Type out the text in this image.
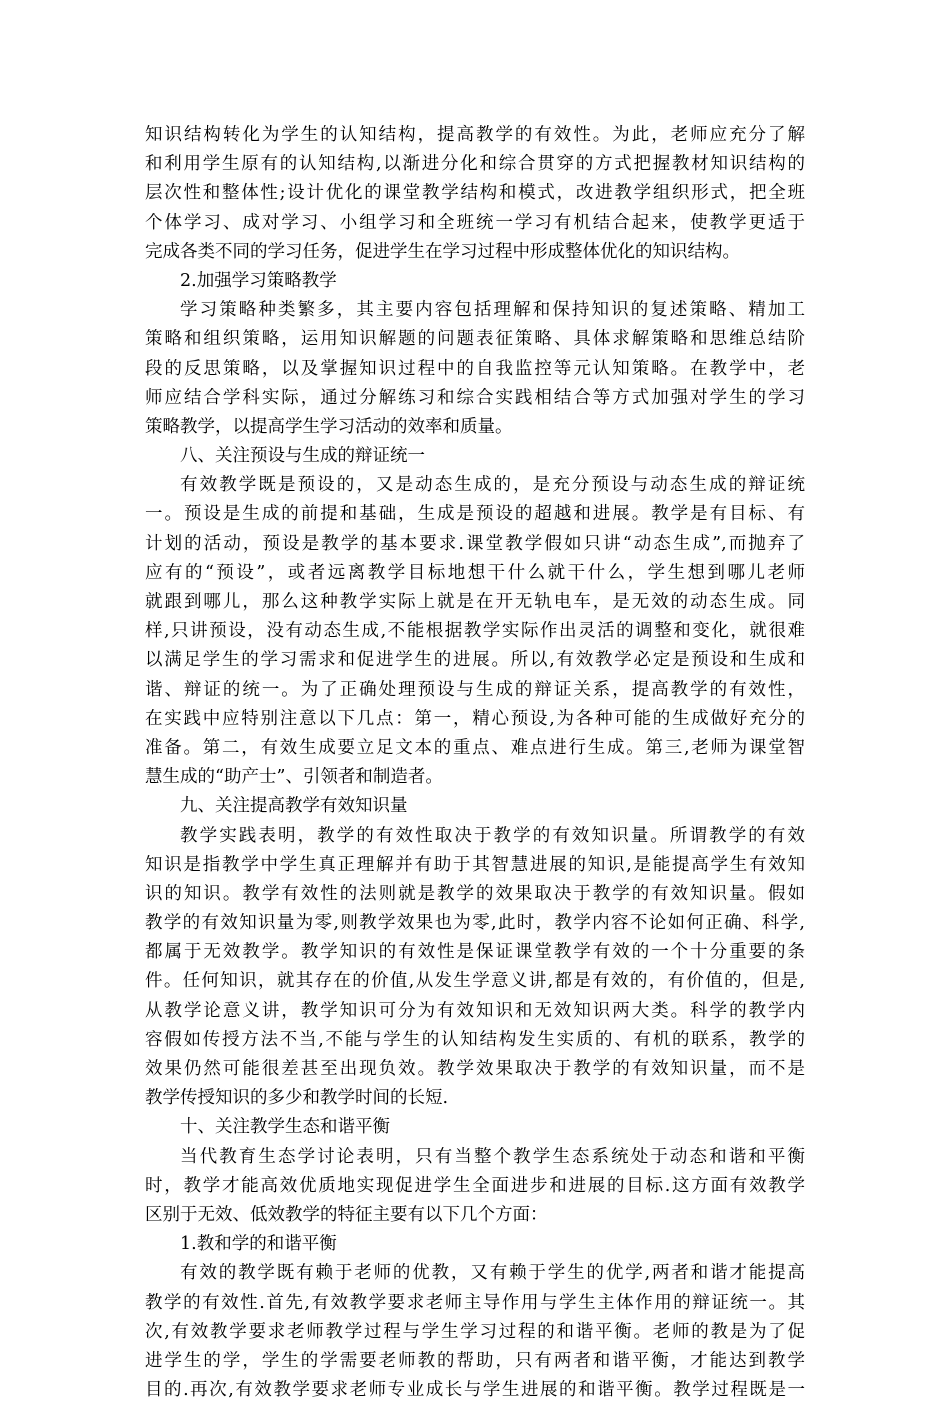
知识结构转化为学生的认知结构，提高教学的有效性。为此，老师应充分了解
和利用学生原有的认知结构,以渐进分化和综合贯穿的方式把握教材知识结构的
层次性和整体性;设计优化的课堂教学结构和模式，改进教学组织形式，把全班
个体学习、成对学习、小组学习和全班统一学习有机结合起来，使教学更适于
完成各类不同的学习任务，促进学生在学习过程中形成整体优化的知识结构。
2.加强学习策略教学
学习策略种类繁多，其主要内容包括理解和保持知识的复述策略、精加工
策略和组织策略，运用知识解题的问题表征策略、具体求解策略和思维总结阶
段的反思策略，以及掌握知识过程中的自我监控等元认知策略。在教学中，老
师应结合学科实际，通过分解练习和综合实践相结合等方式加强对学生的学习
策略教学，以提高学生学习活动的效率和质量。
八、关注预设与生成的辩证统一
有效教学既是预设的，又是动态生成的，是充分预设与动态生成的辩证统
一。预设是生成的前提和基础，生成是预设的超越和进展。教学是有目标、有
计划的活动，预设是教学的基本要求.课堂教学假如只讲“动态生成”,而抛弃了
应有的“预设”，或者远离教学目标地想干什么就干什么，学生想到哪儿老师
就跟到哪儿，那么这种教学实际上就是在开无轨电车，是无效的动态生成。同
样,只讲预设，没有动态生成,不能根据教学实际作出灵活的调整和变化，就很难
以满足学生的学习需求和促进学生的进展。所以,有效教学必定是预设和生成和
谐、辩证的统一。为了正确处理预设与生成的辩证关系，提高教学的有效性，
在实践中应特别注意以下几点：第一，精心预设,为各种可能的生成做好充分的
准备。第二，有效生成要立足文本的重点、难点进行生成。第三,老师为课堂智
慧生成的“助产士”、引领者和制造者。
九、关注提高教学有效知识量
教学实践表明，教学的有效性取决于教学的有效知识量。所谓教学的有效
知识是指教学中学生真正理解并有助于其智慧进展的知识,是能提高学生有效知
识的知识。教学有效性的法则就是教学的效果取决于教学的有效知识量。假如
教学的有效知识量为零,则教学效果也为零,此时，教学内容不论如何正确、科学,
都属于无效教学。教学知识的有效性是保证课堂教学有效的一个十分重要的条
件。任何知识，就其存在的价值,从发生学意义讲,都是有效的，有价值的，但是,
从教学论意义讲，教学知识可分为有效知识和无效知识两大类。科学的教学内
容假如传授方法不当,不能与学生的认知结构发生实质的、有机的联系，教学的
效果仍然可能很差甚至出现负效。教学效果取决于教学的有效知识量，而不是
教学传授知识的多少和教学时间的长短.
十、关注教学生态和谐平衡
当代教育生态学讨论表明，只有当整个教学生态系统处于动态和谐和平衡
时，教学才能高效优质地实现促进学生全面进步和进展的目标.这方面有效教学
区别于无效、低效教学的特征主要有以下几个方面：
1.教和学的和谐平衡
有效的教学既有赖于老师的优教，又有赖于学生的优学,两者和谐才能提高
教学的有效性.首先,有效教学要求老师主导作用与学生主体作用的辩证统一。其
次,有效教学要求老师教学过程与学生学习过程的和谐平衡。老师的教是为了促
进学生的学，学生的学需要老师教的帮助，只有两者和谐平衡，才能达到教学
目的.再次,有效教学要求老师专业成长与学生进展的和谐平衡。教学过程既是一
